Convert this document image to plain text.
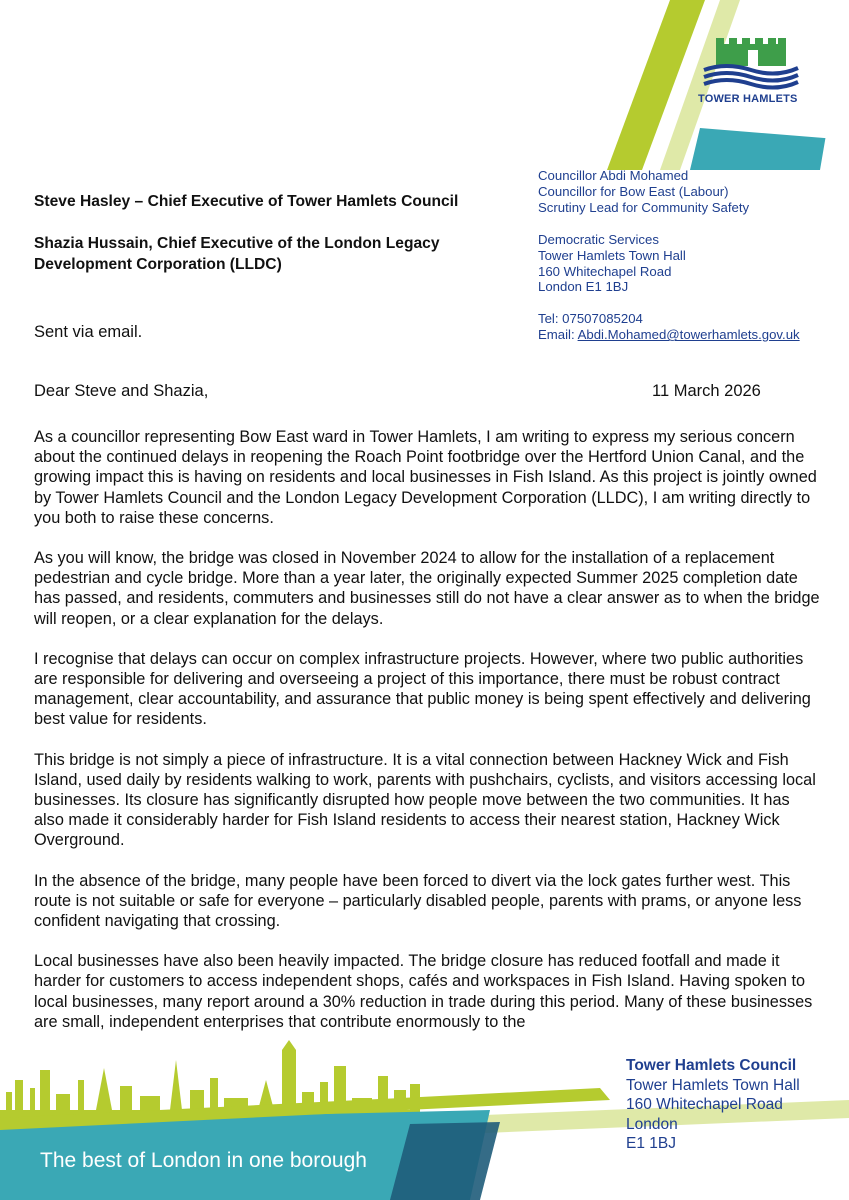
TOWER HAMLETS
Councillor Abdi Mohamed
Councillor for Bow East (Labour)
Scrutiny Lead for Community Safety
Democratic Services
Tower Hamlets Town Hall
160 Whitechapel Road
London E1 1BJ
Tel: 07507085204
Email: Abdi.Mohamed@towerhamlets.gov.uk
Steve Hasley – Chief Executive of Tower Hamlets Council
Shazia Hussain, Chief Executive of the London Legacy Development Corporation (LLDC)
Sent via email.
Dear Steve and Shazia,	11 March 2026

As a councillor representing Bow East ward in Tower Hamlets, I am writing to express my serious concern about the continued delays in reopening the Roach Point footbridge over the Hertford Union Canal, and the growing impact this is having on residents and local businesses in Fish Island. As this project is jointly owned by Tower Hamlets Council and the London Legacy Development Corporation (LLDC), I am writing directly to you both to raise these concerns.

As you will know, the bridge was closed in November 2024 to allow for the installation of a replacement pedestrian and cycle bridge. More than a year later, the originally expected Summer 2025 completion date has passed, and residents, commuters and businesses still do not have a clear answer as to when the bridge will reopen, or a clear explanation for the delays.

I recognise that delays can occur on complex infrastructure projects. However, where two public authorities are responsible for delivering and overseeing a project of this importance, there must be robust contract management, clear accountability, and assurance that public money is being spent effectively and delivering best value for residents.

This bridge is not simply a piece of infrastructure. It is a vital connection between Hackney Wick and Fish Island, used daily by residents walking to work, parents with pushchairs, cyclists, and visitors accessing local businesses. Its closure has significantly disrupted how people move between the two communities. It has also made it considerably harder for Fish Island residents to access their nearest station, Hackney Wick Overground.

In the absence of the bridge, many people have been forced to divert via the lock gates further west. This route is not suitable or safe for everyone – particularly disabled people, parents with prams, or anyone less confident navigating that crossing.

Local businesses have also been heavily impacted. The bridge closure has reduced footfall and made it harder for customers to access independent shops, cafés and workspaces in Fish Island. Having spoken to local businesses, many report around a 30% reduction in trade during this period. Many of these businesses are small, independent enterprises that contribute enormously to the

The best of London in one borough
Tower Hamlets Council
Tower Hamlets Town Hall
160 Whitechapel Road
London
E1 1BJ
